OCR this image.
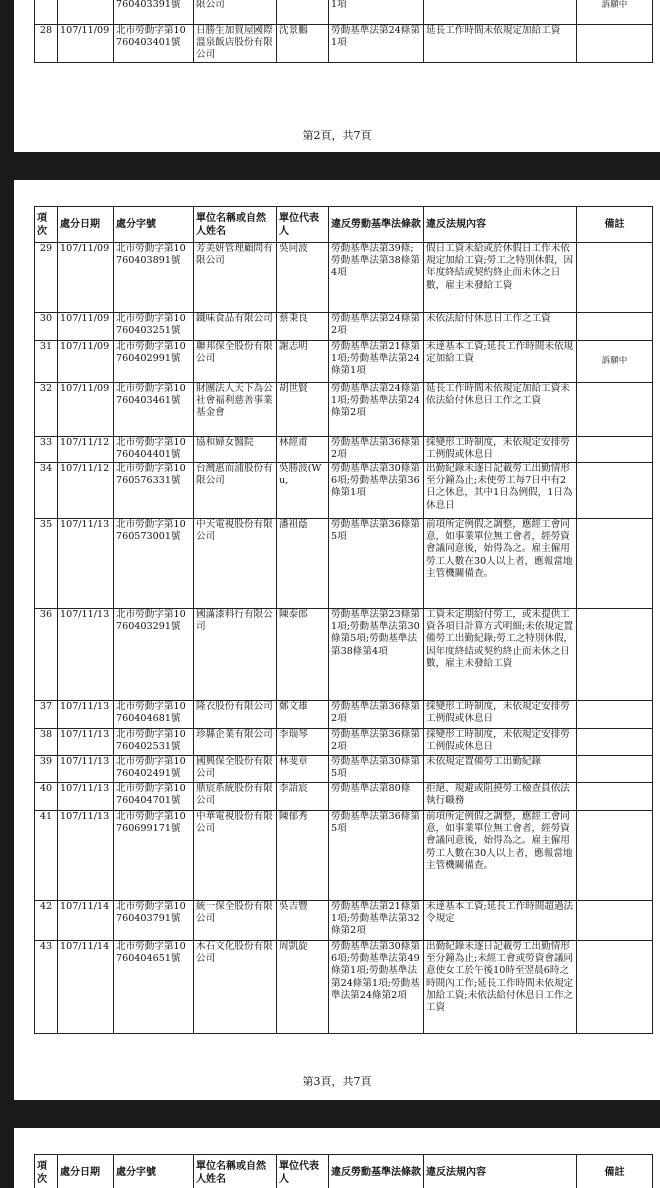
		760403391號	限公司		1項		訴願中
28	107/11/09	北市勞動字第10760403401號	日勝生加賀屋國際溫泉飯店股份有限公司	沈景鵬	勞動基準法第24條第1項	延長工作時間未依規定加給工資	
第2頁，共7頁
項次	處分日期	處分字號	單位名稱或自然人姓名	單位代表人	違反勞動基準法條款	違反法規內容	備註
29	107/11/09	北市勞動字第10760403891號	芳美妍管理顧問有限公司	吳同波	勞動基準法第39條;勞動基準法第38條第4項	假日工資未給或於休假日工作未依規定加給工資;勞工之特別休假，因年度終結或契約終止而未休之日數，雇主未發給工資	
30	107/11/09	北市勞動字第10760403251號	鐵味食品有限公司	蔡秉良	勞動基準法第24條第2項	未依法給付休息日工作之工資	
31	107/11/09	北市勞動字第10760402991號	聯邦保全股份有限公司	謝志明	勞動基準法第21條第1項;勞動基準法第24條第1項	未達基本工資;延長工作時間未依規定加給工資	訴願中
32	107/11/09	北市勞動字第10760403461號	財團法人天下為公社會福利慈善事業基金會	胡世賢	勞動基準法第24條第1項;勞動基準法第24條第2項	延長工作時間未依規定加給工資未依法給付休息日工作之工資	
33	107/11/12	北市勞動字第10760404401號	協和婦女醫院	林經甫	勞動基準法第36條第2項	採變形工時制度，未依規定安排勞工例假或休息日	
34	107/11/12	北市勞動字第10760576331號	台灣惠而浦股份有限公司	吳勝波(Wu,	勞動基準法第30條第6項;勞動基準法第36條第1項	出勤紀錄未逐日記載勞工出勤情形至分鐘為止;未使勞工每7日中有2日之休息，其中1日為例假，1日為休息日	
35	107/11/13	北市勞動字第10760573001號	中天電視股份有限公司	潘祖蔭	勞動基準法第36條第5項	前項所定例假之調整，應經工會同意，如事業單位無工會者，經勞資會議同意後，始得為之。雇主僱用勞工人數在30人以上者，應報當地主管機關備查。	
36	107/11/13	北市勞動字第10760403291號	國滿漆料行有限公司	陳泰郎	勞動基準法第23條第1項;勞動基準法第30條第5項;勞動基準法第38條第4項	工資未定期給付勞工，或未提供工資各項目計算方式明細;未依規定置備勞工出勤紀錄;勞工之特別休假，因年度終結或契約終止而未休之日數，雇主未發給工資	
37	107/11/13	北市勞動字第10760404681號	隆衣股份有限公司	鄭文雄	勞動基準法第36條第2項	採變形工時制度，未依規定安排勞工例假或休息日	
38	107/11/13	北市勞動字第10760402531號	珍縣企業有限公司	李瑞琴	勞動基準法第36條第2項	採變形工時制度，未依規定安排勞工例假或休息日	
39	107/11/13	北市勞動字第10760402491號	國興保全股份有限公司	林斐章	勞動基準法第30條第5項	未依規定置備勞工出勤紀錄	
40	107/11/13	北市勞動字第10760404701號	鼎宸系統股份有限公司	李語宸	勞動基準法第80條	拒絕、規避或阻撓勞工檢查員依法執行職務	
41	107/11/13	北市勞動字第10760699171號	中華電視股份有限公司	陳郁秀	勞動基準法第36條第5項	前項所定例假之調整，應經工會同意，如事業單位無工會者，經勞資會議同意後，始得為之。雇主僱用勞工人數在30人以上者，應報當地主管機關備查。	
42	107/11/14	北市勞動字第10760403791號	統一保全股份有限公司	吳吉豐	勞動基準法第21條第1項;勞動基準法第32條第2項	未達基本工資;延長工作時間超過法令規定	
43	107/11/14	北市勞動字第10760404651號	木石文化股份有限公司	周凱旋	勞動基準法第30條第6項;勞動基準法第49條第1項;勞動基準法第24條第1項;勞動基準法第24條第2項	出勤紀錄未逐日記載勞工出勤情形至分鐘為止;未經工會或勞資會議同意使女工於午後10時至翌晨6時之時間內工作;延長工作時間未依規定加給工資;未依法給付休息日工作之工資	
第3頁，共7頁
項次	處分日期	處分字號	單位名稱或自然人姓名	單位代表人	違反勞動基準法條款	違反法規內容	備註
